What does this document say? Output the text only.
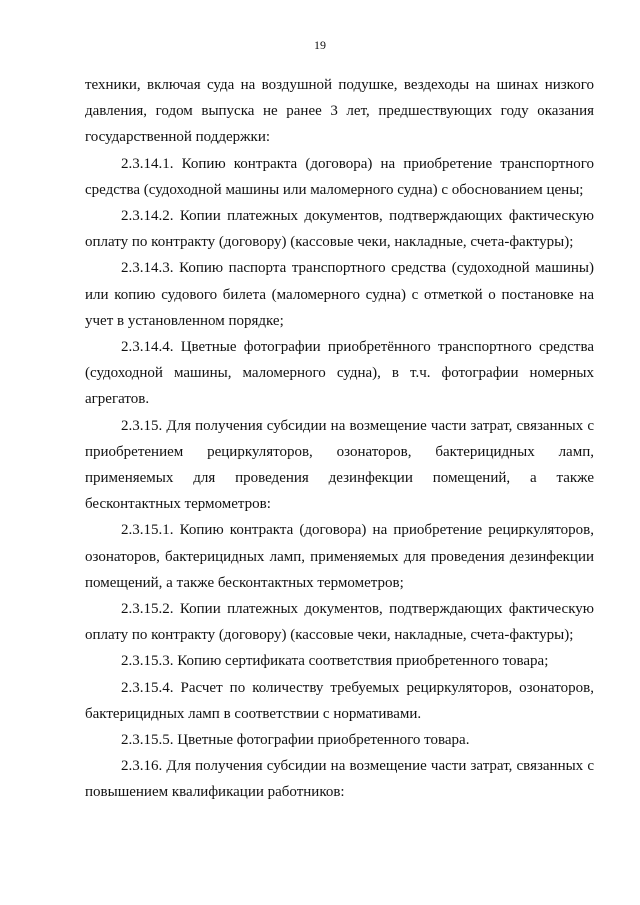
19

техники, включая суда на воздушной подушке, вездеходы на шинах низкого давления, годом выпуска не ранее 3 лет, предшествующих году оказания государственной поддержки:

2.3.14.1. Копию контракта (договора) на приобретение транспортного средства (судоходной машины или маломерного судна) с обоснованием цены;

2.3.14.2. Копии платежных документов, подтверждающих фактическую оплату по контракту (договору) (кассовые чеки, накладные, счета-фактуры);

2.3.14.3. Копию паспорта транспортного средства (судоходной машины) или копию судового билета (маломерного судна) с отметкой о постановке на учет в установленном порядке;

2.3.14.4. Цветные фотографии приобретённого транспортного средства (судоходной машины, маломерного судна), в т.ч. фотографии номерных агрегатов.

2.3.15. Для получения субсидии на возмещение части затрат, связанных с приобретением рециркуляторов, озонаторов, бактерицидных ламп, применяемых для проведения дезинфекции помещений, а также бесконтактных термометров:

2.3.15.1. Копию контракта (договора) на приобретение рециркуляторов, озонаторов, бактерицидных ламп, применяемых для проведения дезинфекции помещений, а также бесконтактных термометров;

2.3.15.2. Копии платежных документов, подтверждающих фактическую оплату по контракту (договору) (кассовые чеки, накладные, счета-фактуры);

2.3.15.3. Копию сертификата соответствия приобретенного товара;

2.3.15.4. Расчет по количеству требуемых рециркуляторов, озонаторов, бактерицидных ламп в соответствии с нормативами.

2.3.15.5. Цветные фотографии приобретенного товара.

2.3.16. Для получения субсидии на возмещение части затрат, связанных с повышением квалификации работников:
